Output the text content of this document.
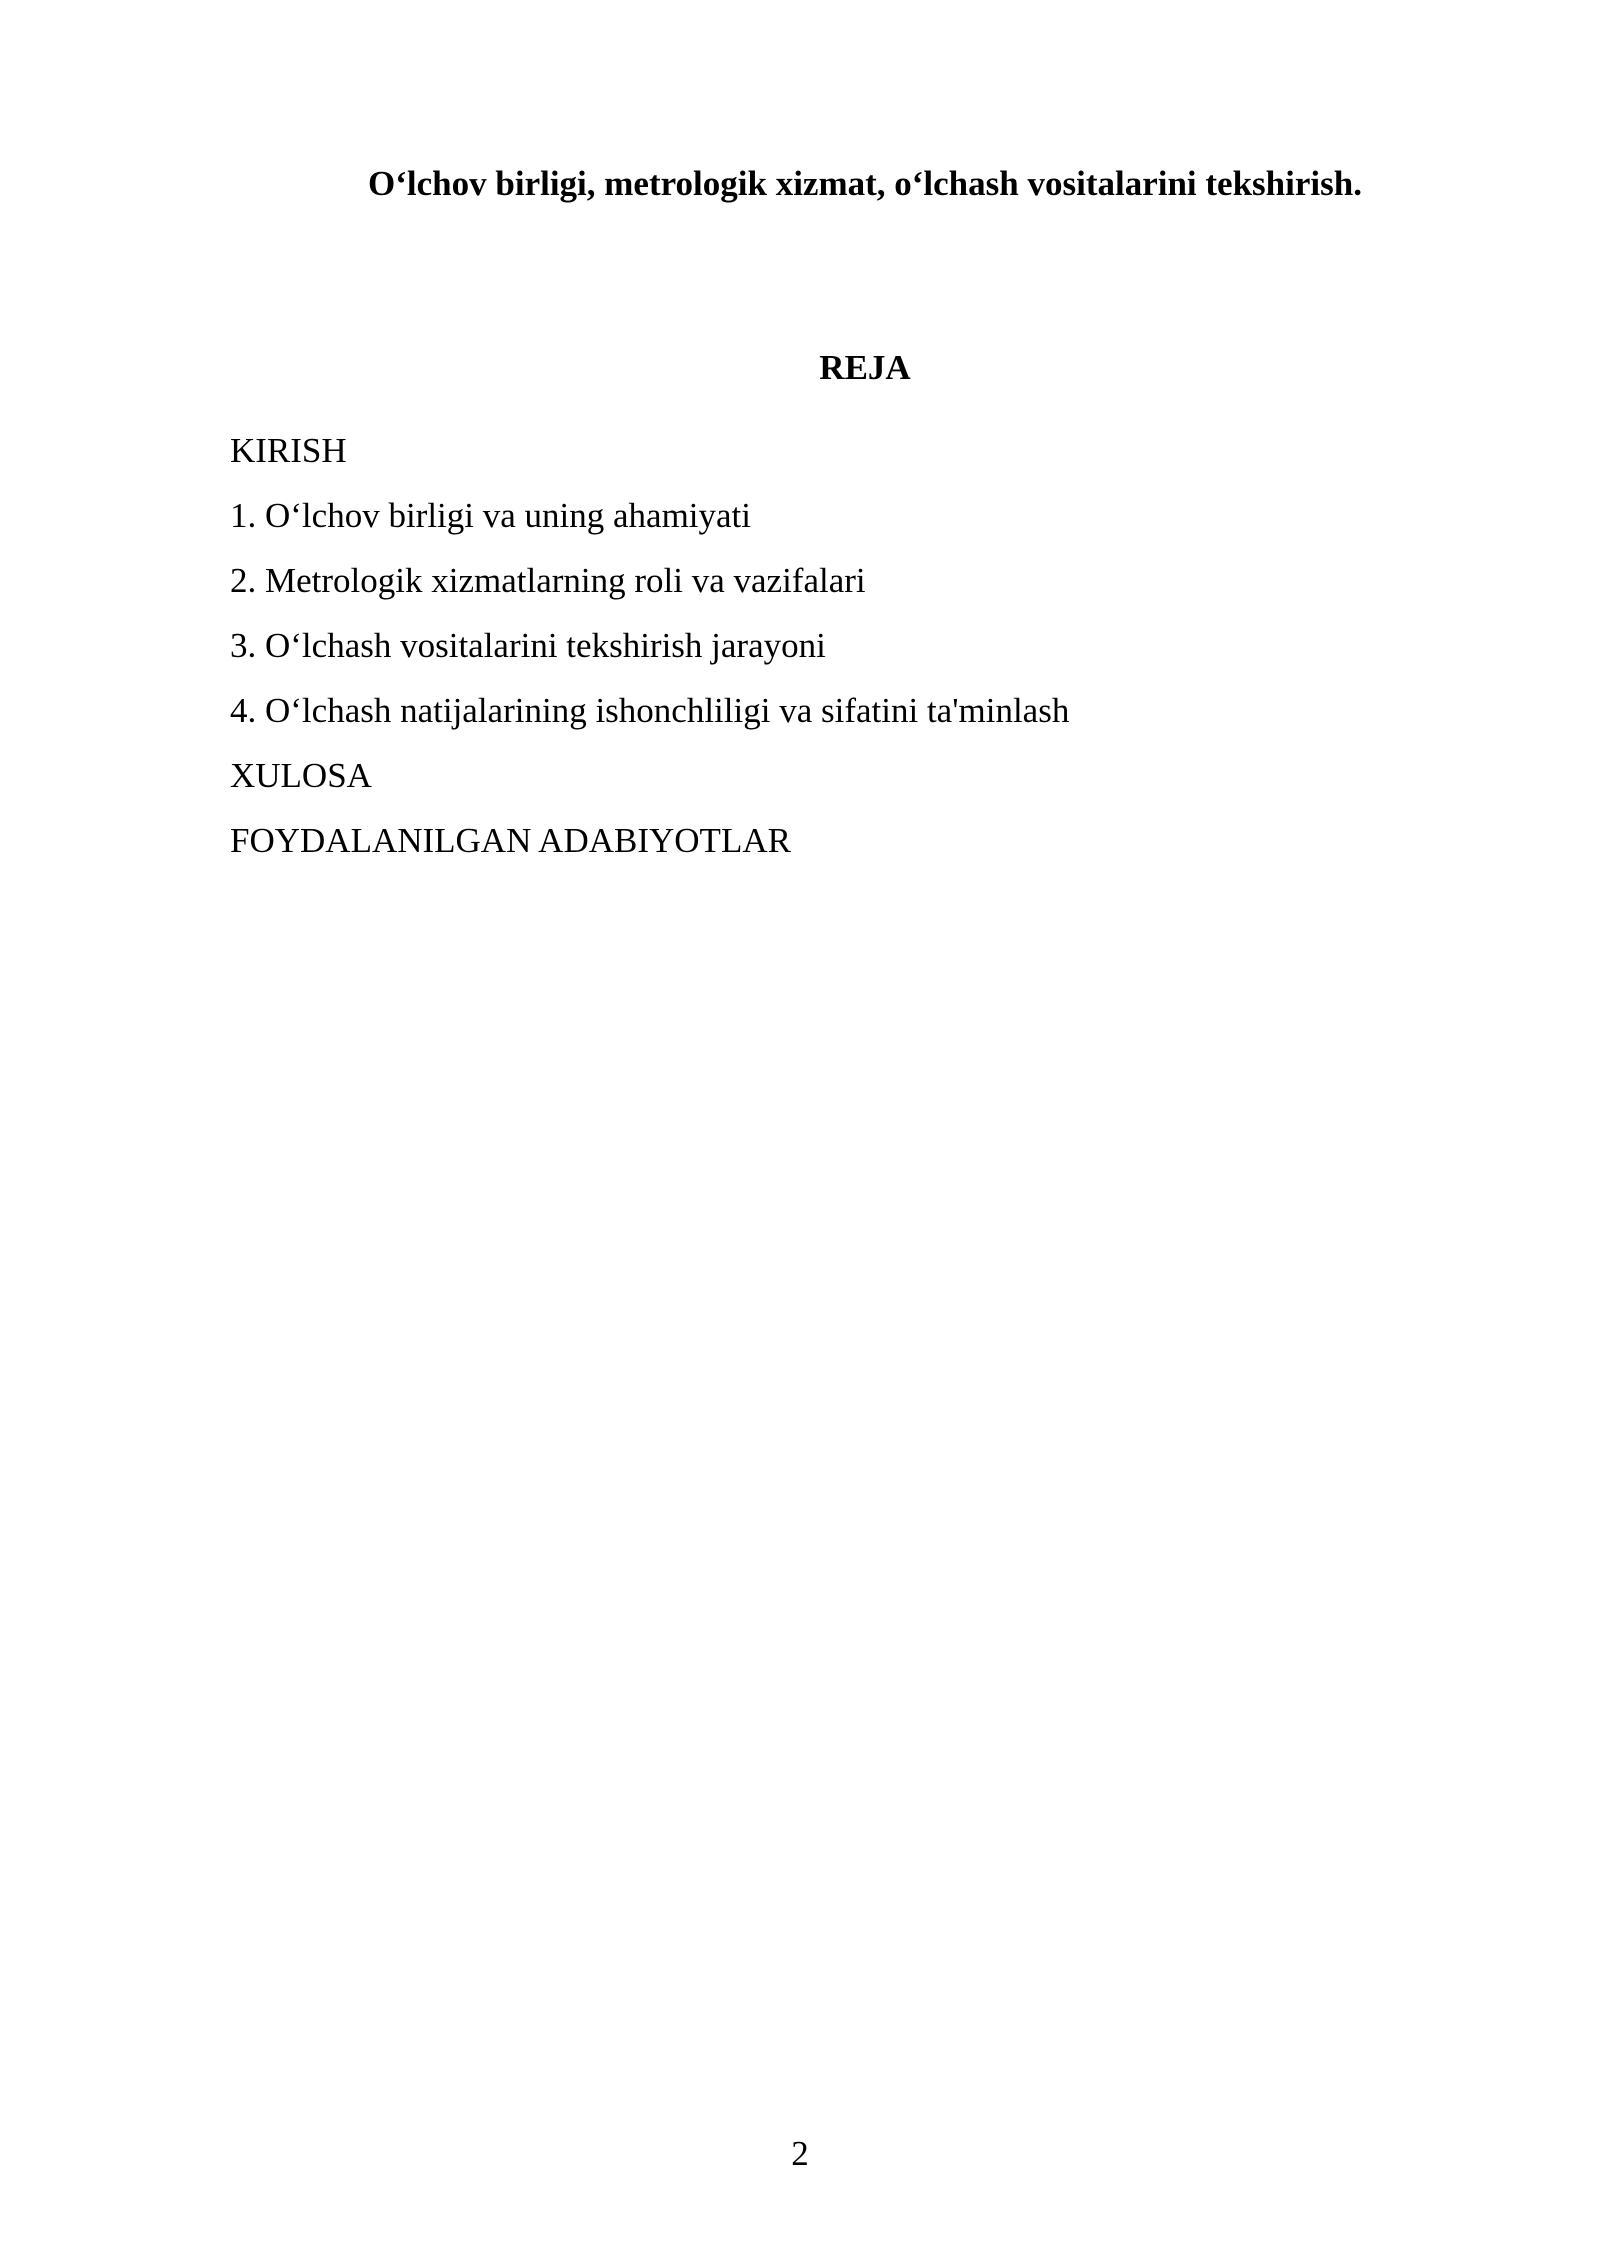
O‘lchov birligi, metrologik xizmat, o‘lchash vositalarini tekshirish.
REJA
KIRISH
1. O‘lchov birligi va uning ahamiyati
2. Metrologik xizmatlarning roli va vazifalari
3. O‘lchash vositalarini tekshirish jarayoni
4. O‘lchash natijalarining ishonchliligi va sifatini ta'minlash
XULOSA
FOYDALANILGAN ADABIYOTLAR
2
